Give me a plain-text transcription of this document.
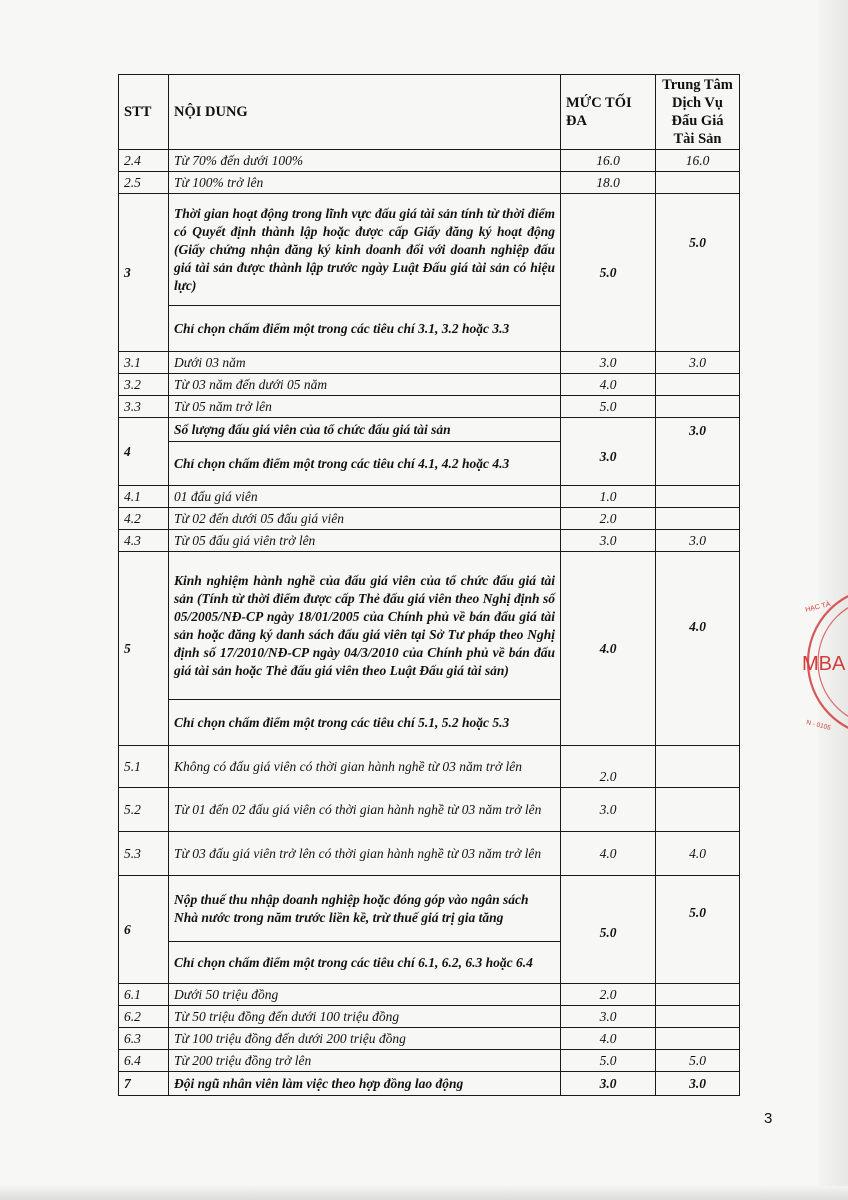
STT	NỘI DUNG	MỨC TỐI ĐA	Trung Tâm Dịch Vụ Đấu Giá Tài Sản
2.4	Từ 70% đến dưới 100%	16.0	16.0
2.5	Từ 100% trở lên	18.0	
3	Thời gian hoạt động trong lĩnh vực đấu giá tài sản tính từ thời điểm có Quyết định thành lập hoặc được cấp Giấy đăng ký hoạt động (Giấy chứng nhận đăng ký kinh doanh đối với doanh nghiệp đấu giá tài sản được thành lập trước ngày Luật Đấu giá tài sản có hiệu lực)	5.0	5.0
	Chỉ chọn chấm điểm một trong các tiêu chí 3.1, 3.2 hoặc 3.3		
3.1	Dưới 03 năm	3.0	3.0
3.2	Từ 03 năm đến dưới 05 năm	4.0	
3.3	Từ 05 năm trở lên	5.0	
4	Số lượng đấu giá viên của tổ chức đấu giá tài sản	3.0	3.0
	Chỉ chọn chấm điểm một trong các tiêu chí 4.1, 4.2 hoặc 4.3		
4.1	01 đấu giá viên	1.0	
4.2	Từ 02 đến dưới 05 đấu giá viên	2.0	
4.3	Từ 05 đấu giá viên trở lên	3.0	3.0
5	Kinh nghiệm hành nghề của đấu giá viên của tổ chức đấu giá tài sản (Tính từ thời điểm được cấp Thẻ đấu giá viên theo Nghị định số 05/2005/NĐ-CP ngày 18/01/2005 của Chính phủ về bán đấu giá tài sản hoặc đăng ký danh sách đấu giá viên tại Sở Tư pháp theo Nghị định số 17/2010/NĐ-CP ngày 04/3/2010 của Chính phủ về bán đấu giá tài sản hoặc Thẻ đấu giá viên theo Luật Đấu giá tài sản)	4.0	4.0
	Chỉ chọn chấm điểm một trong các tiêu chí 5.1, 5.2 hoặc 5.3		
5.1	Không có đấu giá viên có thời gian hành nghề từ 03 năm trở lên	2.0	
5.2	Từ 01 đến 02 đấu giá viên có thời gian hành nghề từ 03 năm trở lên	3.0	
5.3	Từ 03 đấu giá viên trở lên có thời gian hành nghề từ 03 năm trở lên	4.0	4.0
6	Nộp thuế thu nhập doanh nghiệp hoặc đóng góp vào ngân sách Nhà nước trong năm trước liền kề, trừ thuế giá trị gia tăng	5.0	5.0
	Chỉ chọn chấm điểm một trong các tiêu chí 6.1, 6.2, 6.3 hoặc 6.4		
6.1	Dưới 50 triệu đồng	2.0	
6.2	Từ 50 triệu đồng đến dưới 100 triệu đồng	3.0	
6.3	Từ 100 triệu đồng đến dưới 200 triệu đồng	4.0	
6.4	Từ 200 triệu đồng trở lên	5.0	5.0
7	Đội ngũ nhân viên làm việc theo hợp đồng lao động	3.0	3.0
3
HẠC TÀ
MBA
N - 0105
